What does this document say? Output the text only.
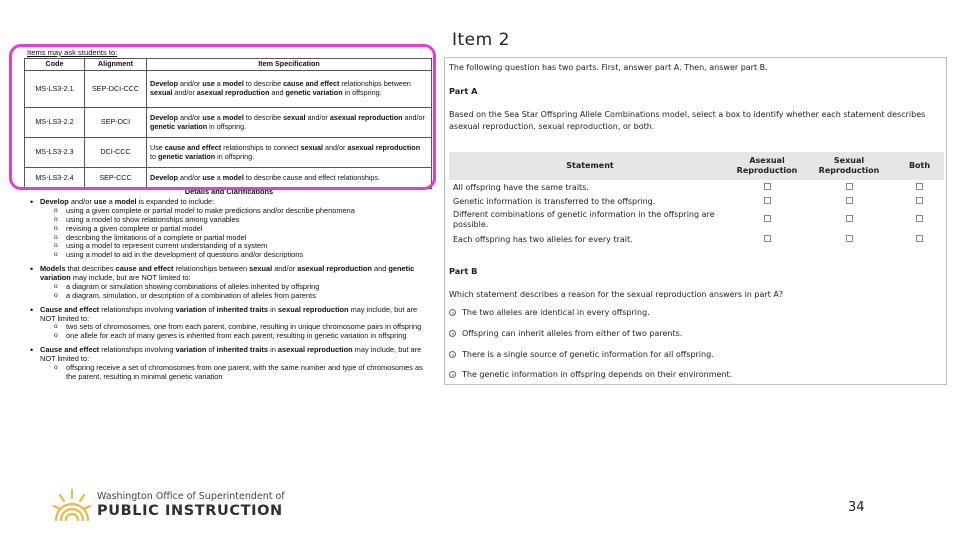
Item 2
Items may ask students to:
Code	Alignment	Item Specification
MS-LS3-2.1	SEP-DCI-CCC	Develop and/or use a model to describe cause and effect relationships between sexual and/or asexual reproduction and genetic variation in offspring.
MS-LS3-2.2	SEP-DCI	Develop and/or use a model to describe sexual and/or asexual reproduction and/or genetic variation in offspring.
MS-LS3-2.3	DCI-CCC	Use cause and effect relationships to connect sexual and/or asexual reproduction to genetic variation in offspring.
MS-LS3-2.4	SEP-CCC	Develop and/or use a model to describe cause and effect relationships.
Details and Clarifications
• Develop and/or use a model is expanded to include:
o using a given complete or partial model to make predictions and/or describe phenomena
o using a model to show relationships among variables
o revising a given complete or partial model
o describing the limitations of a complete or partial model
o using a model to represent current understanding of a system
o using a model to aid in the development of questions and/or descriptions
• Models that describes cause and effect relationships between sexual and/or asexual reproduction and genetic variation may include, but are NOT limited to:
o a diagram or simulation showing combinations of alleles inherited by offspring
o a diagram, simulation, or description of a combination of alleles from parents
• Cause and effect relationships involving variation of inherited traits in sexual reproduction may include, but are NOT limited to:
o two sets of chromosomes, one from each parent, combine, resulting in unique chromosome pairs in offspring
o one allele for each of many genes is inherited from each parent, resulting in genetic variation in offspring
• Cause and effect relationships involving variation of inherited traits in asexual reproduction may include, but are NOT limited to:
o offspring receive a set of chromosomes from one parent, with the same number and type of chromosomes as the parent, resulting in minimal genetic variation
The following question has two parts. First, answer part A. Then, answer part B.
Part A
Based on the Sea Star Offspring Allele Combinations model, select a box to identify whether each statement describes asexual reproduction, sexual reproduction, or both.
Statement	Asexual Reproduction	Sexual Reproduction	Both
All offspring have the same traits.			
Genetic information is transferred to the offspring.			
Different combinations of genetic information in the offspring are possible.			
Each offspring has two alleles for every trait.			
Part B
Which statement describes a reason for the sexual reproduction answers in part A?
The two alleles are identical in every offspring.
Offspring can inherit alleles from either of two parents.
There is a single source of genetic information for all offspring.
The genetic information in offspring depends on their environment.
Washington Office of Superintendent of
PUBLIC INSTRUCTION	34
